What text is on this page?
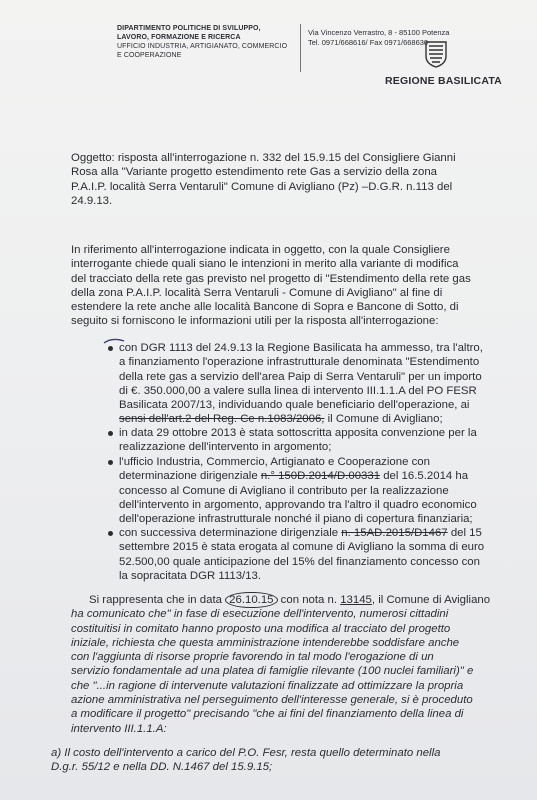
DIPARTIMENTO POLITICHE DI SVILUPPO,
LAVORO, FORMAZIONE E RICERCA
UFFICIO INDUSTRIA, ARTIGIANATO, COMMERCIO
E COOPERAZIONE
Via Vincenzo Verrastro, 8 - 85100 Potenza
Tel. 0971/668616/ Fax 0971/668630
REGIONE BASILICATA
Oggetto: risposta all'interrogazione n. 332 del 15.9.15 del Consigliere Gianni
Rosa alla "Variante progetto estendimento rete Gas a servizio della zona
P.A.I.P. località Serra Ventaruli" Comune di Avigliano (Pz) –D.G.R. n.113 del
24.9.13.
In riferimento all'interrogazione indicata in oggetto, con la quale Consigliere
interrogante chiede quali siano le intenzioni in merito alla variante di modifica
del tracciato della rete gas previsto nel progetto di "Estendimento della rete gas
della zona P.A.I.P. località Serra Ventaruli - Comune di Avigliano" al fine di
estendere la rete anche alle località Bancone di Sopra e Bancone di Sotto, di
seguito si forniscono le informazioni utili per la risposta all'interrogazione:
con DGR 1113 del 24.9.13 la Regione Basilicata ha ammesso, tra l'altro,
a finanziamento l'operazione infrastrutturale denominata "Estendimento
della rete gas a servizio dell'area Paip di Serra Ventaruli" per un importo
di €. 350.000,00 a valere sulla linea di intervento III.1.1.A del PO FESR
Basilicata 2007/13, individuando quale beneficiario dell'operazione, ai
sensi dell'art.2 del Reg. Ce n.1083/2006, il Comune di Avigliano;
in data 29 ottobre 2013 è stata sottoscritta apposita convenzione per la
realizzazione dell'intervento in argomento;
l'ufficio Industria, Commercio, Artigianato e Cooperazione con
determinazione dirigenziale n.° 150D.2014/D.00331 del 16.5.2014 ha
concesso al Comune di Avigliano il contributo per la realizzazione
dell'intervento in argomento, approvando tra l'altro il quadro economico
dell'operazione infrastrutturale nonché il piano di copertura finanziaria;
con successiva determinazione dirigenziale n. 15AD.2015/D1467 del 15
settembre 2015 è stata erogata al comune di Avigliano la somma di euro
52.500,00 quale anticipazione del 15% del finanziamento concesso con
la sopracitata DGR 1113/13.
Si rappresenta che in data 26.10.15 con nota n. 13145, il Comune di Avigliano
ha comunicato che" in fase di esecuzione dell'intervento, numerosi cittadini
costituitisi in comitato hanno proposto una modifica al tracciato del progetto
iniziale, richiesta che questa amministrazione intenderebbe soddisfare anche
con l'aggiunta di risorse proprie favorendo in tal modo l'erogazione di un
servizio fondamentale ad una platea di famiglie rilevante (100 nuclei familiari)" e
che "...in ragione di intervenute valutazioni finalizzate ad ottimizzare la propria
azione amministrativa nel perseguimento dell'interesse generale, si è proceduto
a modificare il progetto" precisando "che ai fini del finanziamento della linea di
intervento III.1.1.A:
a) Il costo dell'intervento a carico del P.O. Fesr, resta quello determinato nella
D.g.r. 55/12 e nella DD. N.1467 del 15.9.15;
